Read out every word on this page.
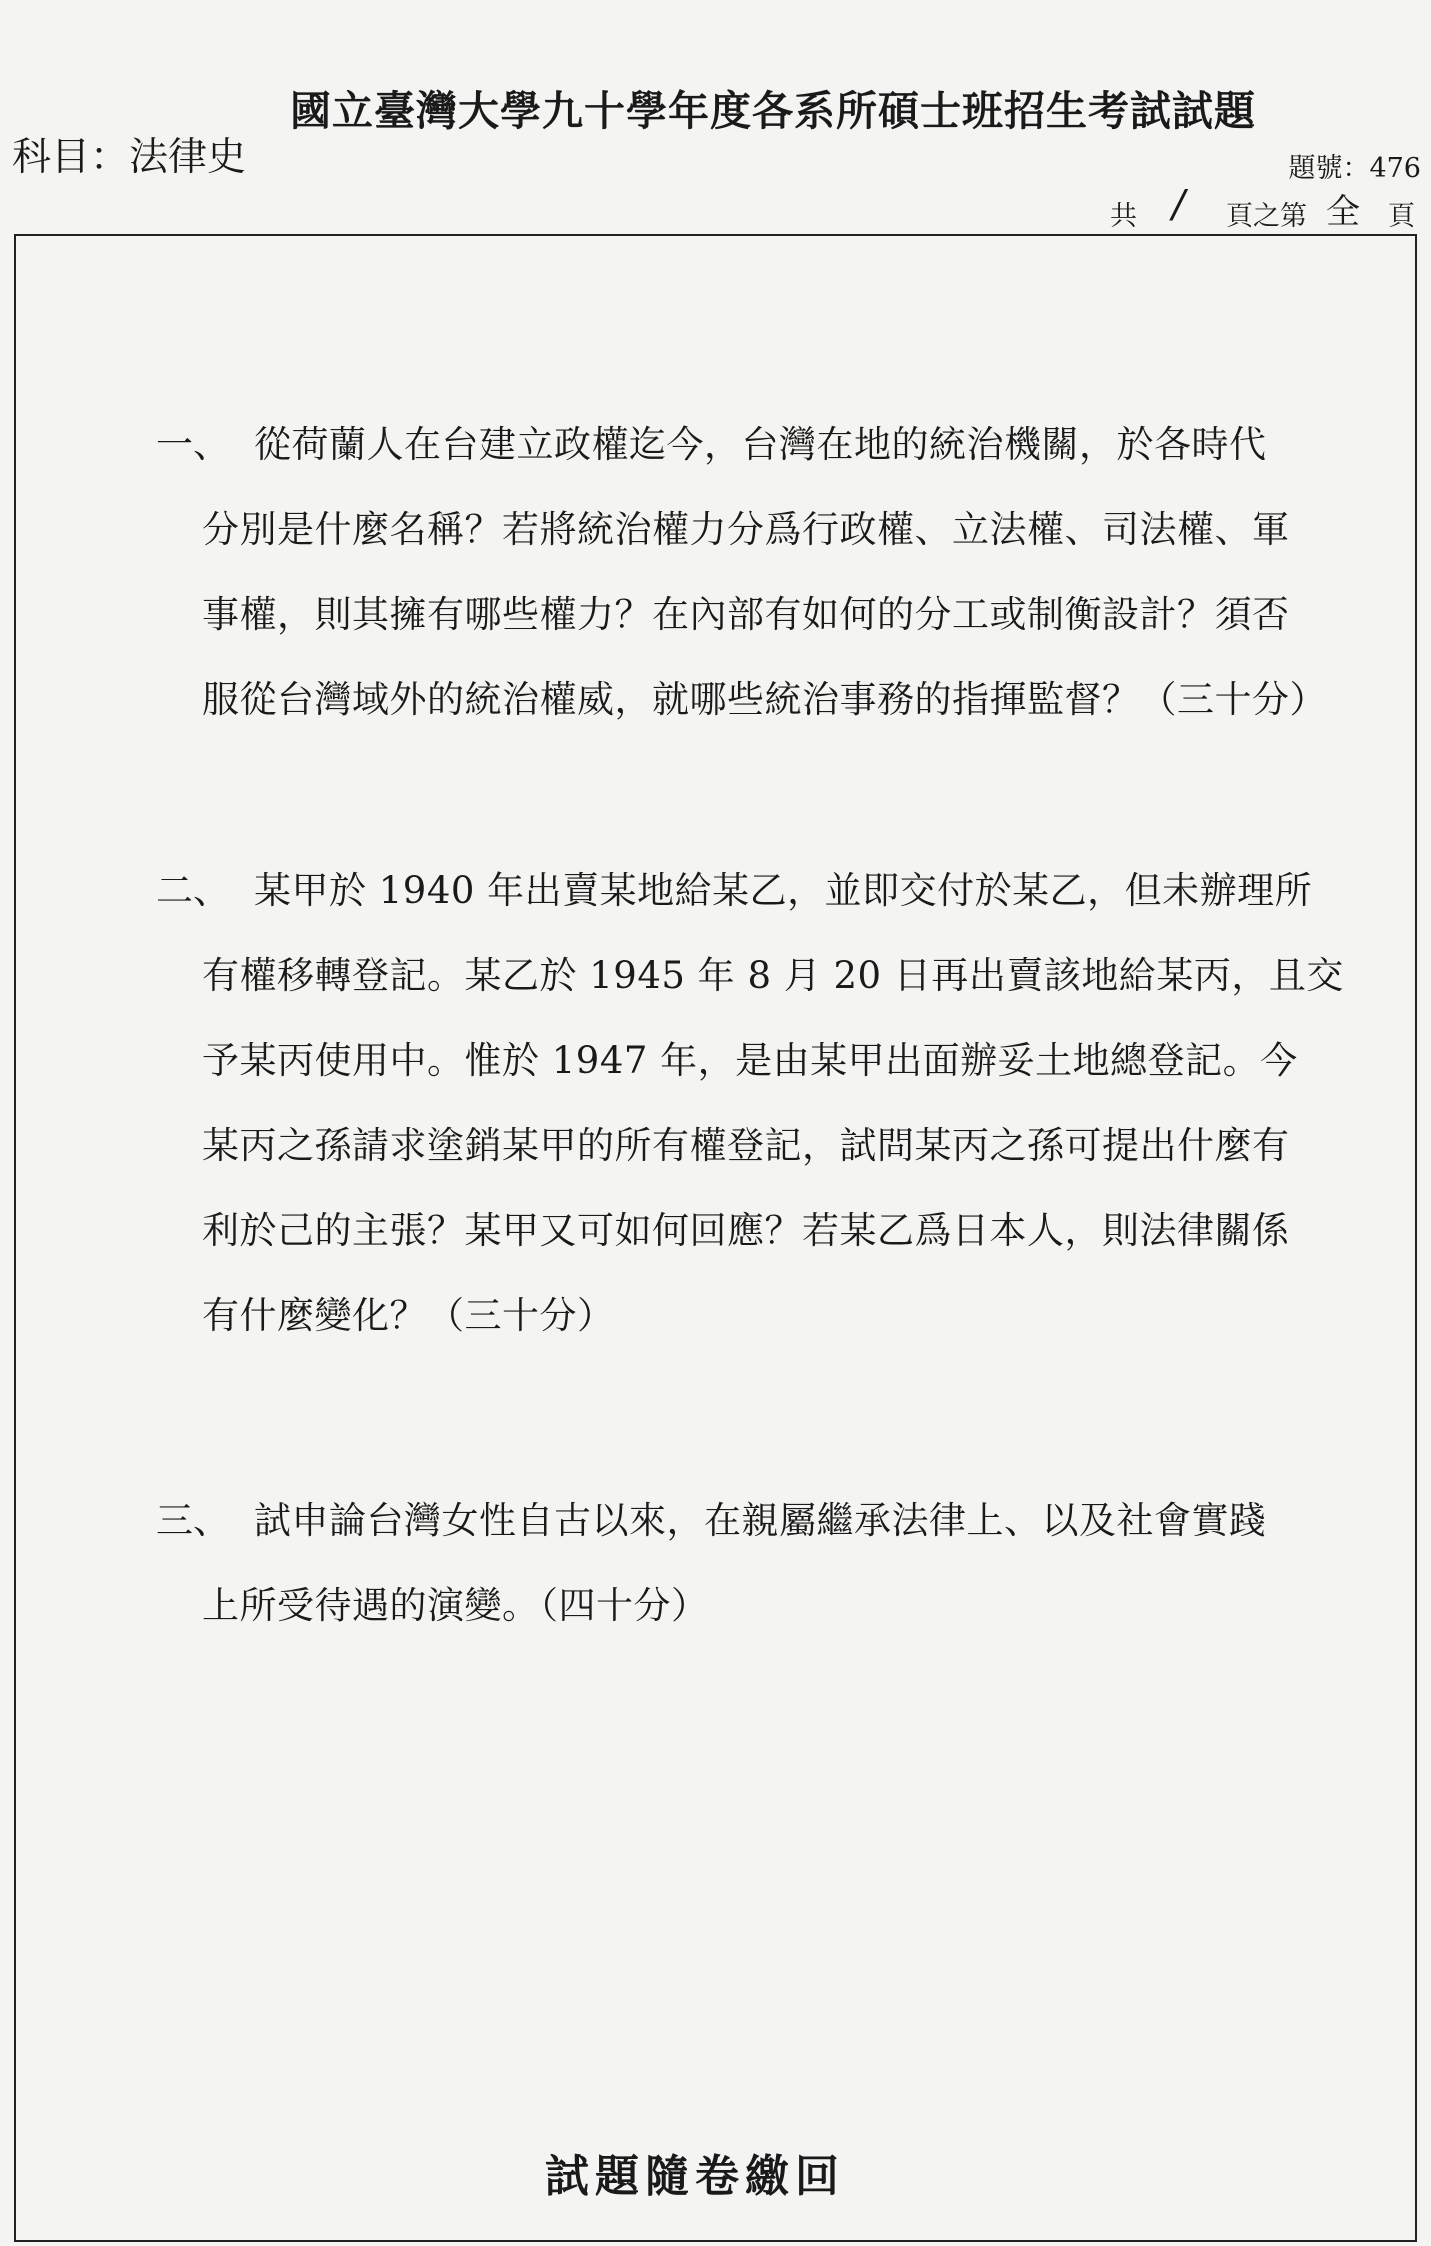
國立臺灣大學九十學年度各系所碩士班招生考試試題
科目：法律史	題號：476
共 / 頁之第 全 頁
一、 從荷蘭人在台建立政權迄今，台灣在地的統治機關，於各時代
分別是什麼名稱？若將統治權力分爲行政權、立法權、司法權、軍
事權，則其擁有哪些權力？在內部有如何的分工或制衡設計？須否
服從台灣域外的統治權威，就哪些統治事務的指揮監督？（三十分）
二、 某甲於 1940 年出賣某地給某乙，並即交付於某乙，但未辦理所
有權移轉登記。某乙於 1945 年 8 月 20 日再出賣該地給某丙，且交
予某丙使用中。惟於 1947 年，是由某甲出面辦妥土地總登記。今
某丙之孫請求塗銷某甲的所有權登記，試問某丙之孫可提出什麼有
利於己的主張？某甲又可如何回應？若某乙爲日本人，則法律關係
有什麼變化？（三十分）
三、 試申論台灣女性自古以來，在親屬繼承法律上、以及社會實踐
上所受待遇的演變。（四十分）
試題隨卷繳回
